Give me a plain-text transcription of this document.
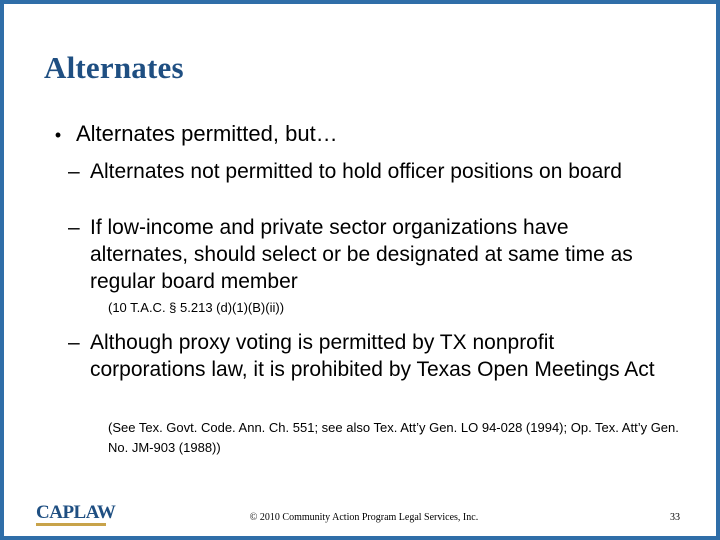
Alternates
• Alternates permitted, but…
– Alternates not permitted to hold officer positions on board
– If low-income and private sector organizations have alternates, should select or be designated at same time as regular board member
(10 T.A.C. § 5.213 (d)(1)(B)(ii))
– Although proxy voting is permitted by TX nonprofit corporations law, it is prohibited by Texas Open Meetings Act
(See Tex. Govt. Code. Ann. Ch. 551; see also Tex. Att’y Gen. LO 94-028 (1994); Op. Tex. Att’y Gen. No. JM-903 (1988))
CAPLAW	© 2010 Community Action Program Legal Services, Inc.	33
